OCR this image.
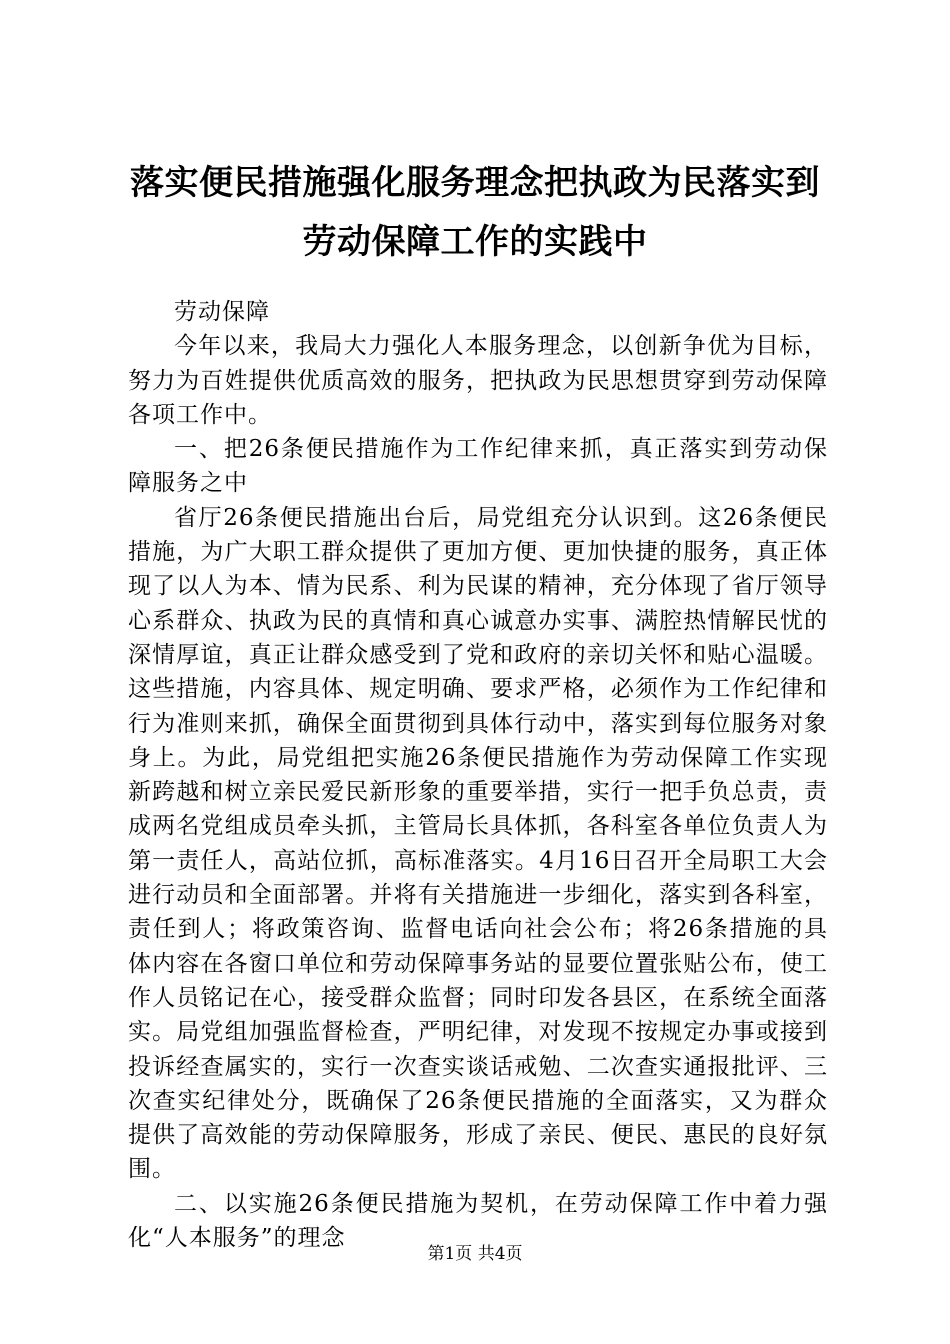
落实便民措施强化服务理念把执政为民落实到
劳动保障工作的实践中

劳动保障

今年以来，我局大力强化人本服务理念，以创新争优为目标，努力为百姓提供优质高效的服务，把执政为民思想贯穿到劳动保障各项工作中。

一、把26条便民措施作为工作纪律来抓，真正落实到劳动保障服务之中

省厅26条便民措施出台后，局党组充分认识到。这26条便民措施，为广大职工群众提供了更加方便、更加快捷的服务，真正体现了以人为本、情为民系、利为民谋的精神，充分体现了省厅领导心系群众、执政为民的真情和真心诚意办实事、满腔热情解民忧的深情厚谊，真正让群众感受到了党和政府的亲切关怀和贴心温暖。这些措施，内容具体、规定明确、要求严格，必须作为工作纪律和行为准则来抓，确保全面贯彻到具体行动中，落实到每位服务对象身上。为此，局党组把实施26条便民措施作为劳动保障工作实现新跨越和树立亲民爱民新形象的重要举措，实行一把手负总责，责成两名党组成员牵头抓，主管局长具体抓，各科室各单位负责人为第一责任人，高站位抓，高标准落实。4月16日召开全局职工大会进行动员和全面部署。并将有关措施进一步细化，落实到各科室，责任到人；将政策咨询、监督电话向社会公布；将26条措施的具体内容在各窗口单位和劳动保障事务站的显要位置张贴公布，使工作人员铭记在心，接受群众监督；同时印发各县区，在系统全面落实。局党组加强监督检查，严明纪律，对发现不按规定办事或接到投诉经查属实的，实行一次查实谈话戒勉、二次查实通报批评、三次查实纪律处分，既确保了26条便民措施的全面落实，又为群众提供了高效能的劳动保障服务，形成了亲民、便民、惠民的良好氛围。

二、以实施26条便民措施为契机，在劳动保障工作中着力强化“人本服务”的理念

第1页 共4页
